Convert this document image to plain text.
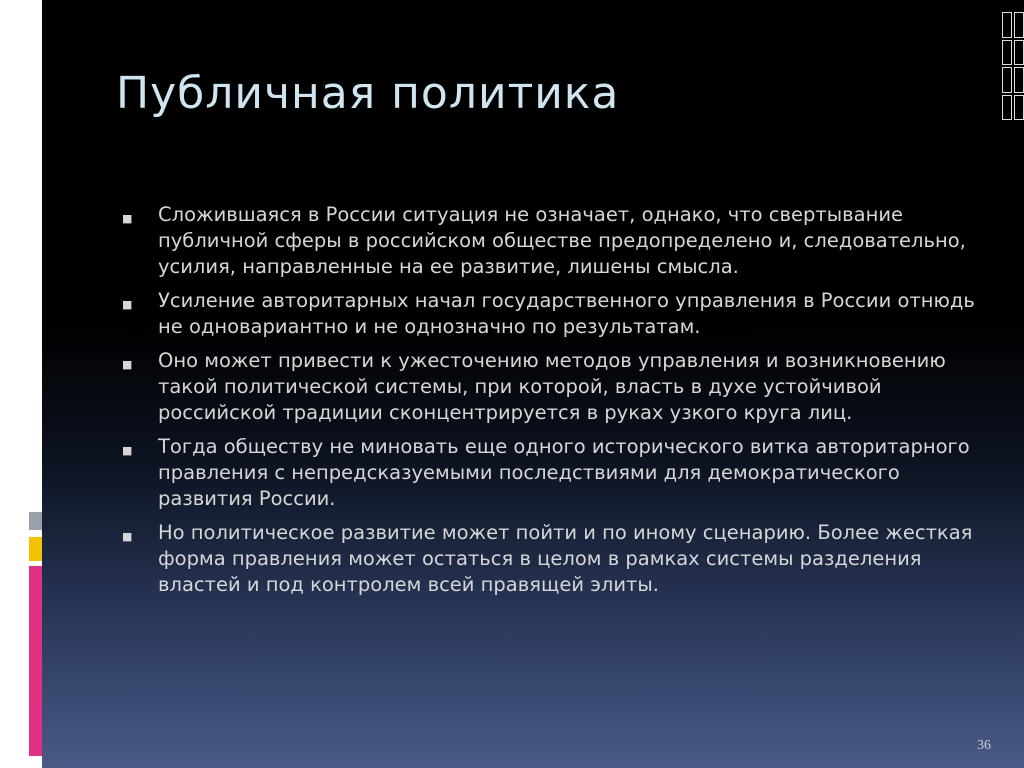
Публичная политика
■ Сложившаяся в России ситуация не означает, однако, что свертывание публичной сферы в российском обществе предопределено и, следовательно, усилия, направленные на ее развитие, лишены смысла.
■ Усиление авторитарных начал государственного управления в России отнюдь не одновариантно и не однозначно по результатам.
■ Оно может привести к ужесточению методов управления и возникновению такой политической системы, при которой, власть в духе устойчивой российской традиции сконцентрируется в руках узкого круга лиц.
■ Тогда обществу не миновать еще одного исторического витка авторитарного правления с непредсказуемыми последствиями для демократического развития России.
■ Но политическое развитие может пойти и по иному сценарию. Более жесткая форма правления может остаться в целом в рамках системы разделения властей и под контролем всей правящей элиты.
36
